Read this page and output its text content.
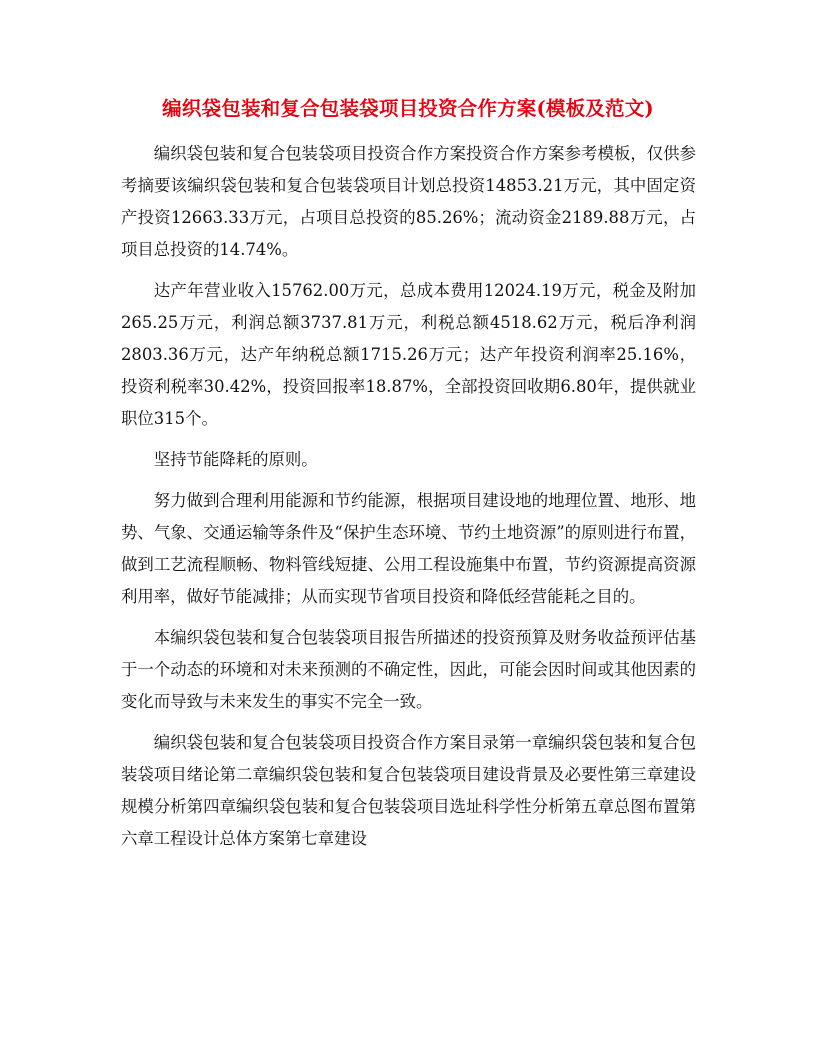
编织袋包装和复合包装袋项目投资合作方案(模板及范文)

编织袋包装和复合包装袋项目投资合作方案投资合作方案参考模板，仅供参考摘要该编织袋包装和复合包装袋项目计划总投资14853.21万元，其中固定资产投资12663.33万元，占项目总投资的85.26%；流动资金2189.88万元，占项目总投资的14.74%。

达产年营业收入15762.00万元，总成本费用12024.19万元，税金及附加265.25万元，利润总额3737.81万元，利税总额4518.62万元，税后净利润2803.36万元，达产年纳税总额1715.26万元；达产年投资利润率25.16%，投资利税率30.42%，投资回报率18.87%，全部投资回收期6.80年，提供就业职位315个。

坚持节能降耗的原则。

努力做到合理利用能源和节约能源，根据项目建设地的地理位置、地形、地势、气象、交通运输等条件及“保护生态环境、节约土地资源”的原则进行布置，做到工艺流程顺畅、物料管线短捷、公用工程设施集中布置，节约资源提高资源利用率，做好节能减排；从而实现节省项目投资和降低经营能耗之目的。

本编织袋包装和复合包装袋项目报告所描述的投资预算及财务收益预评估基于一个动态的环境和对未来预测的不确定性，因此，可能会因时间或其他因素的变化而导致与未来发生的事实不完全一致。

编织袋包装和复合包装袋项目投资合作方案目录第一章编织袋包装和复合包装袋项目绪论第二章编织袋包装和复合包装袋项目建设背景及必要性第三章建设规模分析第四章编织袋包装和复合包装袋项目选址科学性分析第五章总图布置第六章工程设计总体方案第七章建设
